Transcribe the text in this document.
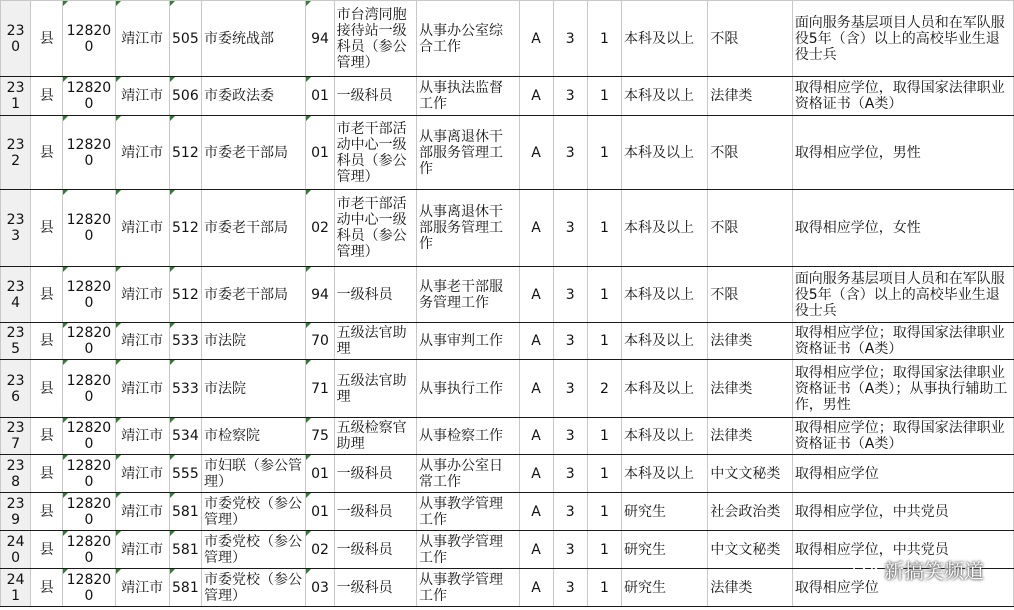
230	县	128200	靖江市	505	市委统战部	94	市台湾同胞接待站一级科员（参公管理）	从事办公室综合工作	A	3	1	本科及以上	不限	面向服务基层项目人员和在军队服役5年（含）以上的高校毕业生退役士兵
231	县	128200	靖江市	506	市委政法委	01	一级科员	从事执法监督工作	A	3	1	本科及以上	法律类	取得相应学位，取得国家法律职业资格证书（A类）
232	县	128200	靖江市	512	市委老干部局	01	市老干部活动中心一级科员（参公管理）	从事离退休干部服务管理工作	A	3	1	本科及以上	不限	取得相应学位，男性
233	县	128200	靖江市	512	市委老干部局	02	市老干部活动中心一级科员（参公管理）	从事离退休干部服务管理工作	A	3	1	本科及以上	不限	取得相应学位，女性
234	县	128200	靖江市	512	市委老干部局	94	一级科员	从事老干部服务管理工作	A	3	1	本科及以上	不限	面向服务基层项目人员和在军队服役5年（含）以上的高校毕业生退役士兵
235	县	128200	靖江市	533	市法院	70	五级法官助理	从事审判工作	A	3	1	本科及以上	法律类	取得相应学位；取得国家法律职业资格证书（A类）
236	县	128200	靖江市	533	市法院	71	五级法官助理	从事执行工作	A	3	2	本科及以上	法律类	取得相应学位；取得国家法律职业资格证书（A类）；从事执行辅助工作，男性
237	县	128200	靖江市	534	市检察院	75	五级检察官助理	从事检察工作	A	3	1	本科及以上	法律类	取得相应学位；取得国家法律职业资格证书（A类）
238	县	128200	靖江市	555	市妇联（参公管理）	01	一级科员	从事办公室日常工作	A	3	1	本科及以上	中文文秘类	取得相应学位
239	县	128200	靖江市	581	市委党校（参公管理）	01	一级科员	从事教学管理工作	A	3	1	研究生	社会政治类	取得相应学位，中共党员
240	县	128200	靖江市	581	市委党校（参公管理）	02	一级科员	从事教学管理工作	A	3	1	研究生	中文文秘类	取得相应学位，中共党员
241	县	128200	靖江市	581	市委党校（参公管理）	03	一级科员	从事教学管理工作	A	3	1	研究生	法律类	取得相应学位
新搞笑频道
